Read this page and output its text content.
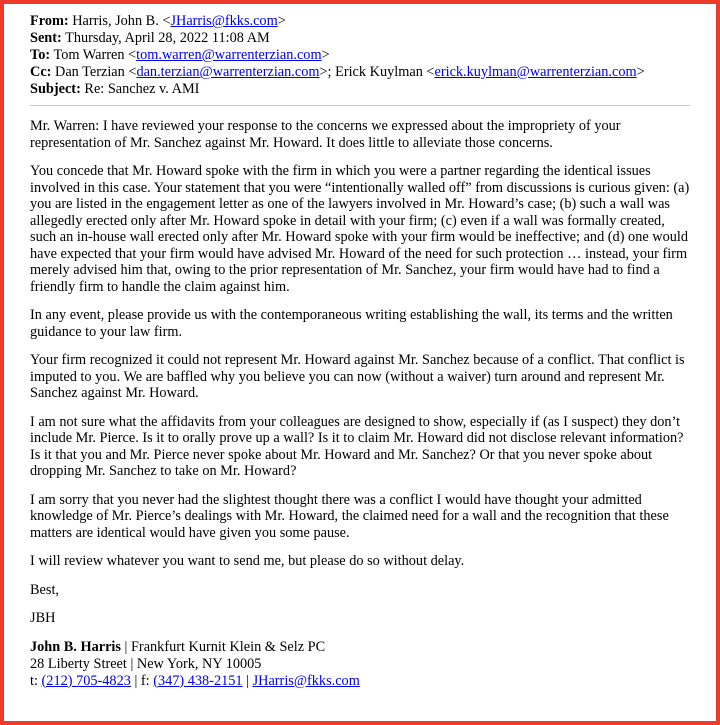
From: Harris, John B. <JHarris@fkks.com>
Sent: Thursday, April 28, 2022 11:08 AM
To: Tom Warren <tom.warren@warrenterzian.com>
Cc: Dan Terzian <dan.terzian@warrenterzian.com>; Erick Kuylman <erick.kuylman@warrenterzian.com>
Subject: Re: Sanchez v. AMI

Mr. Warren: I have reviewed your response to the concerns we expressed about the impropriety of your representation of Mr. Sanchez against Mr. Howard. It does little to alleviate those concerns.

You concede that Mr. Howard spoke with the firm in which you were a partner regarding the identical issues involved in this case. Your statement that you were “intentionally walled off” from discussions is curious given: (a) you are listed in the engagement letter as one of the lawyers involved in Mr. Howard’s case; (b) such a wall was allegedly erected only after Mr. Howard spoke in detail with your firm; (c) even if a wall was formally created, such an in-house wall erected only after Mr. Howard spoke with your firm would be ineffective; and (d) one would have expected that your firm would have advised Mr. Howard of the need for such protection … instead, your firm merely advised him that, owing to the prior representation of Mr. Sanchez, your firm would have had to find a friendly firm to handle the claim against him.

In any event, please provide us with the contemporaneous writing establishing the wall, its terms and the written guidance to your law firm.

Your firm recognized it could not represent Mr. Howard against Mr. Sanchez because of a conflict. That conflict is imputed to you. We are baffled why you believe you can now (without a waiver) turn around and represent Mr. Sanchez against Mr. Howard.

I am not sure what the affidavits from your colleagues are designed to show, especially if (as I suspect) they don’t include Mr. Pierce. Is it to orally prove up a wall? Is it to claim Mr. Howard did not disclose relevant information? Is it that you and Mr. Pierce never spoke about Mr. Howard and Mr. Sanchez? Or that you never spoke about dropping Mr. Sanchez to take on Mr. Howard?

I am sorry that you never had the slightest thought there was a conflict I would have thought your admitted knowledge of Mr. Pierce’s dealings with Mr. Howard, the claimed need for a wall and the recognition that these matters are identical would have given you some pause.

I will review whatever you want to send me, but please do so without delay.

Best,

JBH

John B. Harris | Frankfurt Kurnit Klein & Selz PC
28 Liberty Street | New York, NY 10005
t: (212) 705-4823 | f: (347) 438-2151 | JHarris@fkks.com
